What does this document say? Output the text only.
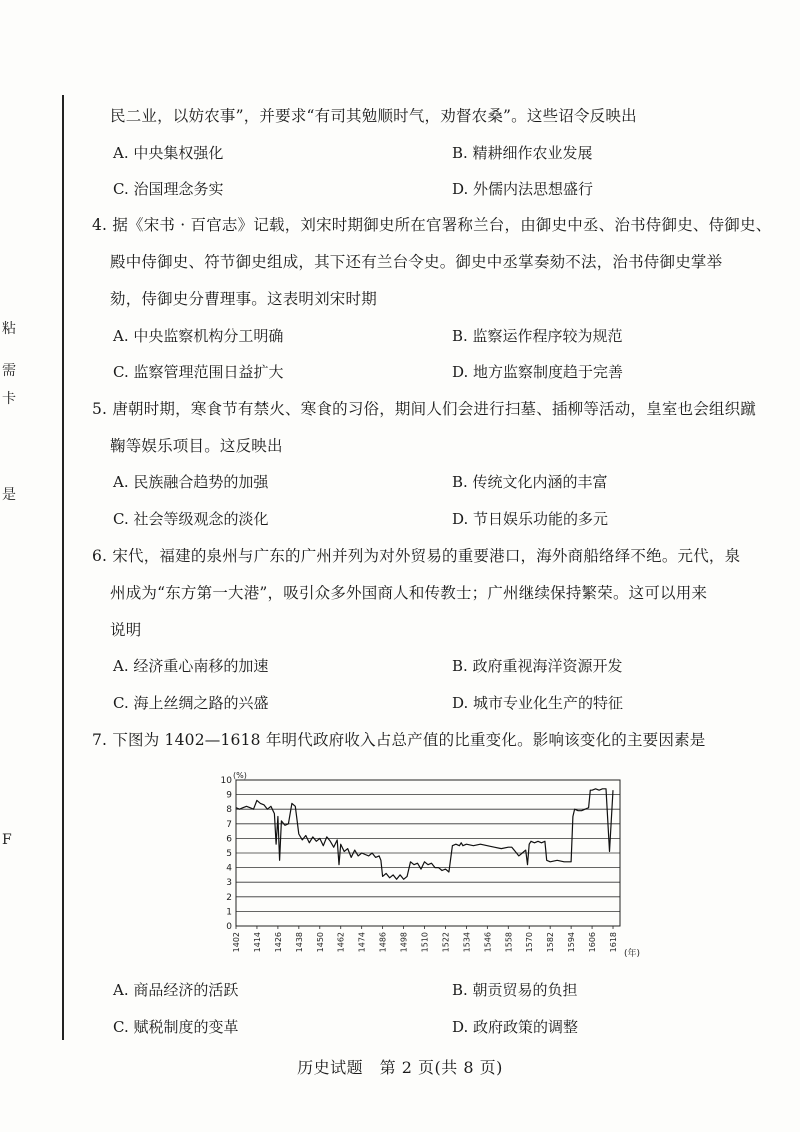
粘
需
卡
是
F
民二业，以妨农事”，并要求“有司其勉顺时气，劝督农桑”。这些诏令反映出
A. 中央集权强化	B. 精耕细作农业发展
C. 治国理念务实	D. 外儒内法思想盛行
4. 据《宋书 · 百官志》记载，刘宋时期御史所在官署称兰台，由御史中丞、治书侍御史、侍御史、
殿中侍御史、符节御史组成，其下还有兰台令史。御史中丞掌奏劾不法，治书侍御史掌举
劾，侍御史分曹理事。这表明刘宋时期
A. 中央监察机构分工明确	B. 监察运作程序较为规范
C. 监察管理范围日益扩大	D. 地方监察制度趋于完善
5. 唐朝时期，寒食节有禁火、寒食的习俗，期间人们会进行扫墓、插柳等活动，皇室也会组织蹴
鞠等娱乐项目。这反映出
A. 民族融合趋势的加强	B. 传统文化内涵的丰富
C. 社会等级观念的淡化	D. 节日娱乐功能的多元
6. 宋代，福建的泉州与广东的广州并列为对外贸易的重要港口，海外商船络绎不绝。元代，泉
州成为“东方第一大港”，吸引众多外国商人和传教士；广州继续保持繁荣。这可以用来
说明
A. 经济重心南移的加速	B. 政府重视海洋资源开发
C. 海上丝绸之路的兴盛	D. 城市专业化生产的特征
7. 下图为 1402—1618 年明代政府收入占总产值的比重变化。影响该变化的主要因素是
0
1
2
3
4
5
6
7
8
9
10
1402 1414 1426 1438 1450 1462 1474 1486 1498 1510 1522 1534 1546 1558 1570 1582 1594 1606 1618
(%)
(年)
A. 商品经济的活跃	B. 朝贡贸易的负担
C. 赋税制度的变革	D. 政府政策的调整
历史试题　第 2 页(共 8 页)
